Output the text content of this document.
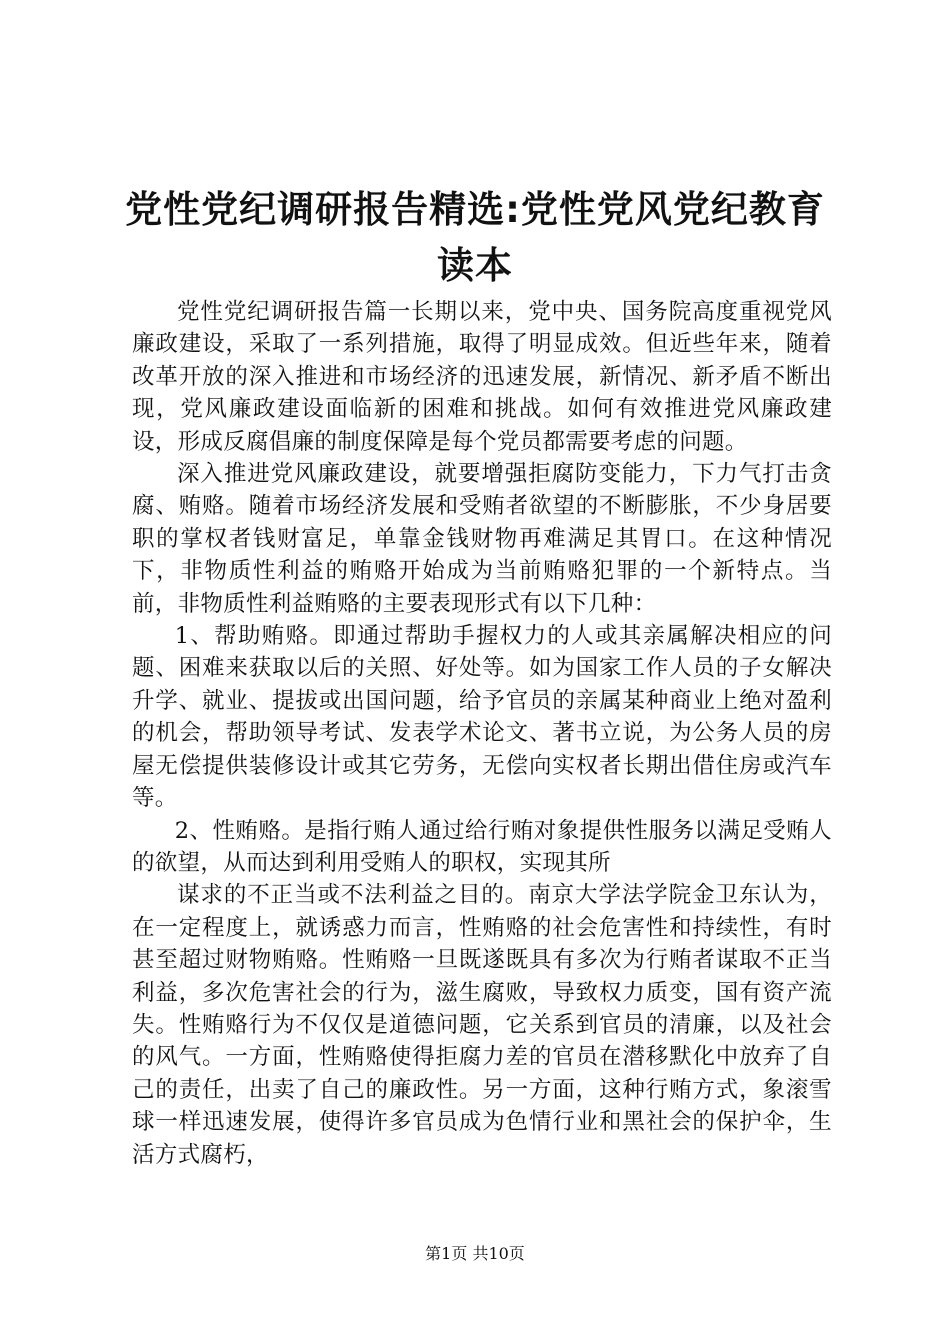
党性党纪调研报告精选:党性党风党纪教育读本

党性党纪调研报告篇一长期以来，党中央、国务院高度重视党风廉政建设，采取了一系列措施，取得了明显成效。但近些年来，随着改革开放的深入推进和市场经济的迅速发展，新情况、新矛盾不断出现，党风廉政建设面临新的困难和挑战。如何有效推进党风廉政建设，形成反腐倡廉的制度保障是每个党员都需要考虑的问题。

深入推进党风廉政建设，就要增强拒腐防变能力，下力气打击贪腐、贿赂。随着市场经济发展和受贿者欲望的不断膨胀，不少身居要职的掌权者钱财富足，单靠金钱财物再难满足其胃口。在这种情况下，非物质性利益的贿赂开始成为当前贿赂犯罪的一个新特点。当前，非物质性利益贿赂的主要表现形式有以下几种：

1、帮助贿赂。即通过帮助手握权力的人或其亲属解决相应的问题、困难来获取以后的关照、好处等。如为国家工作人员的子女解决升学、就业、提拔或出国问题，给予官员的亲属某种商业上绝对盈利的机会，帮助领导考试、发表学术论文、著书立说，为公务人员的房屋无偿提供装修设计或其它劳务，无偿向实权者长期出借住房或汽车等。

2、性贿赂。是指行贿人通过给行贿对象提供性服务以满足受贿人的欲望，从而达到利用受贿人的职权，实现其所

谋求的不正当或不法利益之目的。南京大学法学院金卫东认为，在一定程度上，就诱惑力而言，性贿赂的社会危害性和持续性，有时甚至超过财物贿赂。性贿赂一旦既遂既具有多次为行贿者谋取不正当利益，多次危害社会的行为，滋生腐败，导致权力质变，国有资产流失。性贿赂行为不仅仅是道德问题，它关系到官员的清廉，以及社会的风气。一方面，性贿赂使得拒腐力差的官员在潜移默化中放弃了自己的责任，出卖了自己的廉政性。另一方面，这种行贿方式，象滚雪球一样迅速发展，使得许多官员成为色情行业和黑社会的保护伞，生活方式腐朽，

第1页 共10页
